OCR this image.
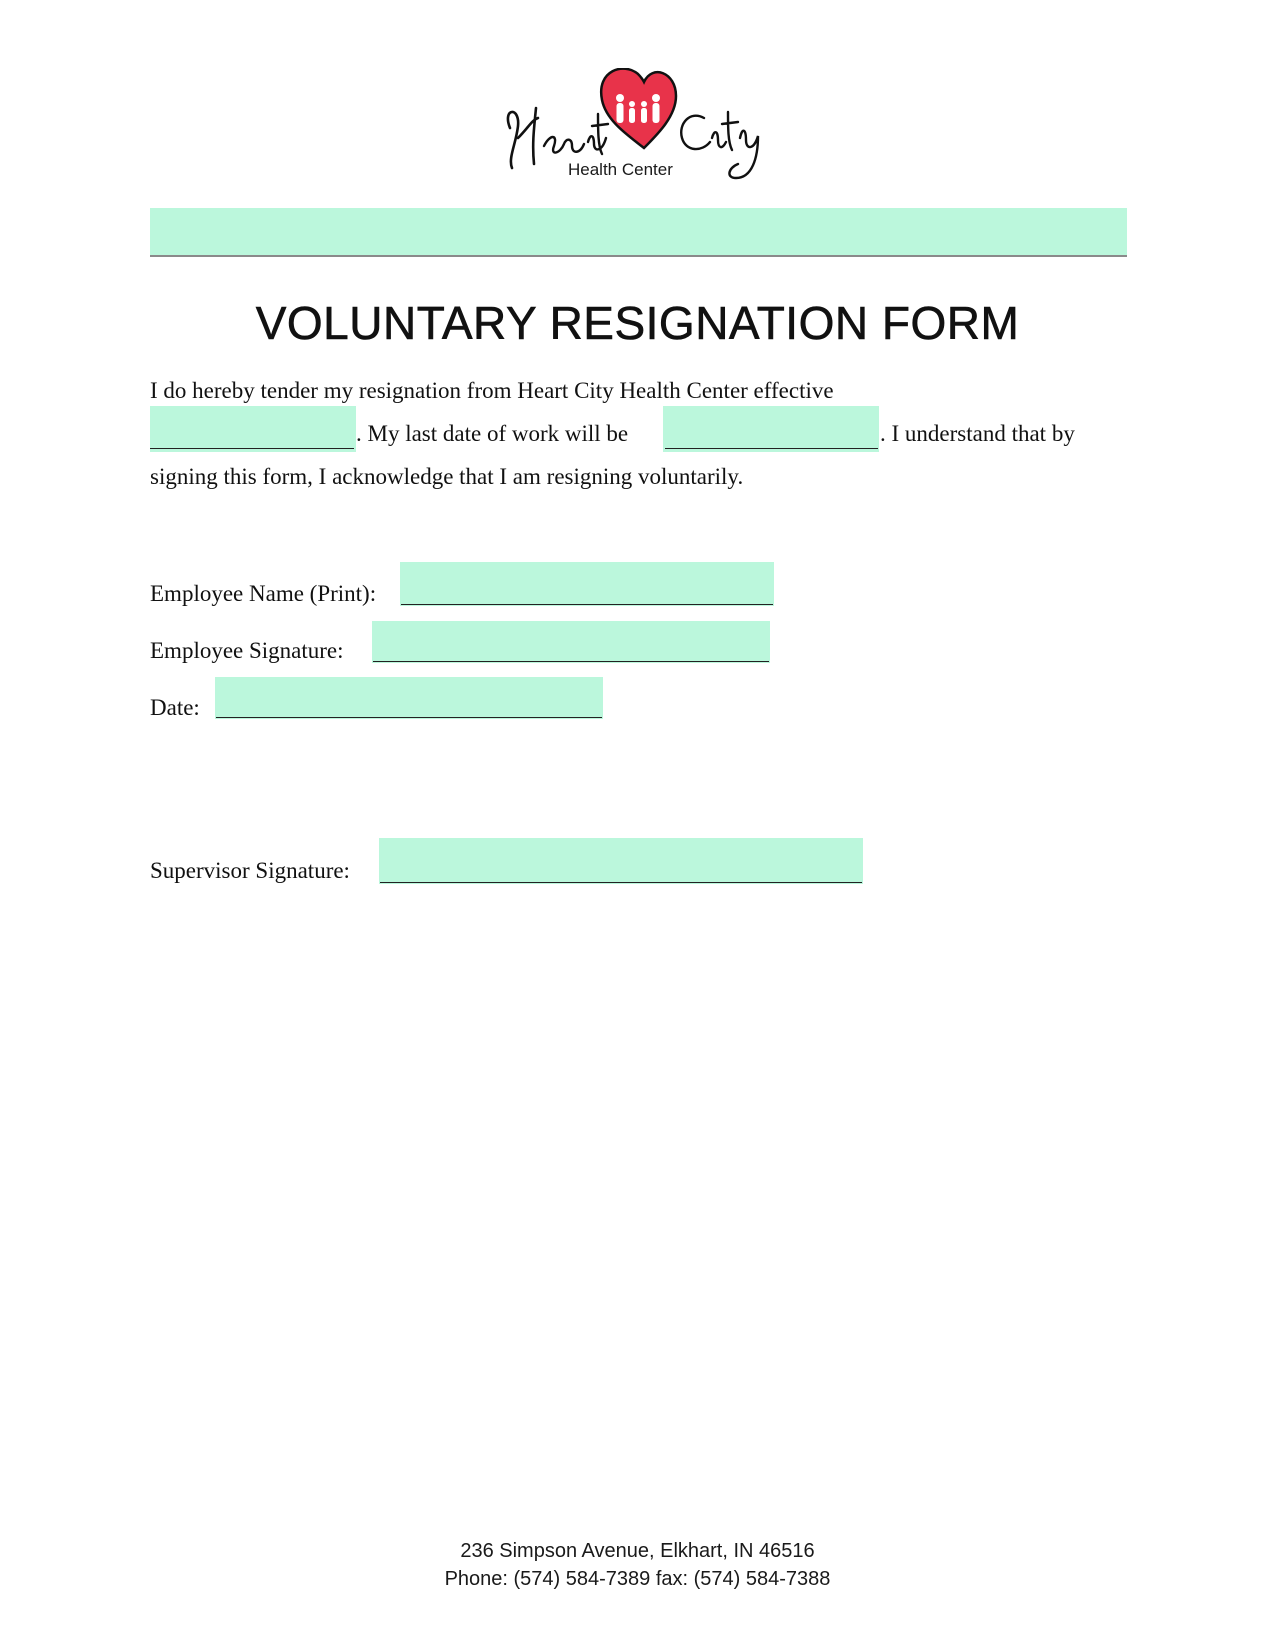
Health Center
VOLUNTARY RESIGNATION FORM
I do hereby tender my resignation from Heart City Health Center effective
. My last date of work will be	. I understand that by
signing this form, I acknowledge that I am resigning voluntarily.
Employee Name (Print):
Employee Signature:
Date:
Supervisor Signature:
236 Simpson Avenue, Elkhart, IN 46516
Phone: (574) 584-7389 fax: (574) 584-7388
